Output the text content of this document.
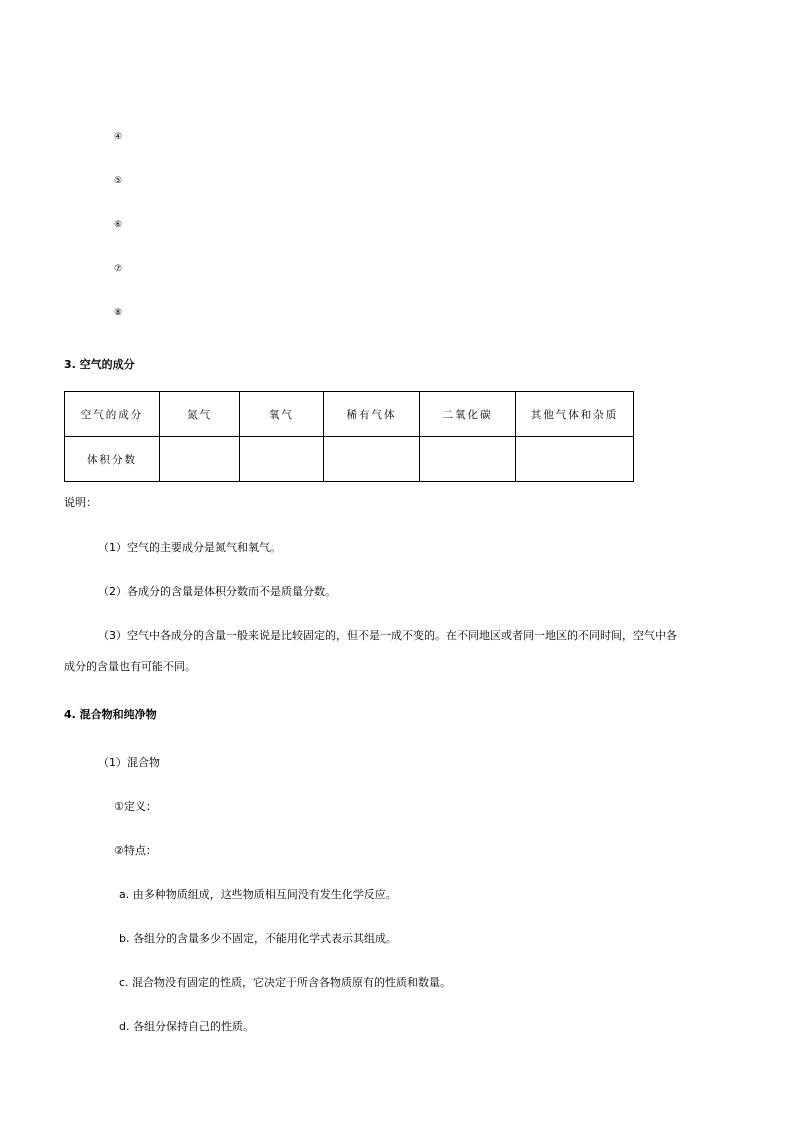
④
⑤
⑥
⑦
⑧
3. 空气的成分
空气的成分	氮气	氧气	稀有气体	二氧化碳	其他气体和杂质
体积分数					
说明：
（1）空气的主要成分是氮气和氧气。
（2）各成分的含量是体积分数而不是质量分数。
（3）空气中各成分的含量一般来说是比较固定的，但不是一成不变的。在不同地区或者同一地区的不同时间，空气中各
成分的含量也有可能不同。
4. 混合物和纯净物
（1）混合物
①定义：
②特点：
a. 由多种物质组成，这些物质相互间没有发生化学反应。
b. 各组分的含量多少不固定，不能用化学式表示其组成。
c. 混合物没有固定的性质，它决定于所含各物质原有的性质和数量。
d. 各组分保持自己的性质。
